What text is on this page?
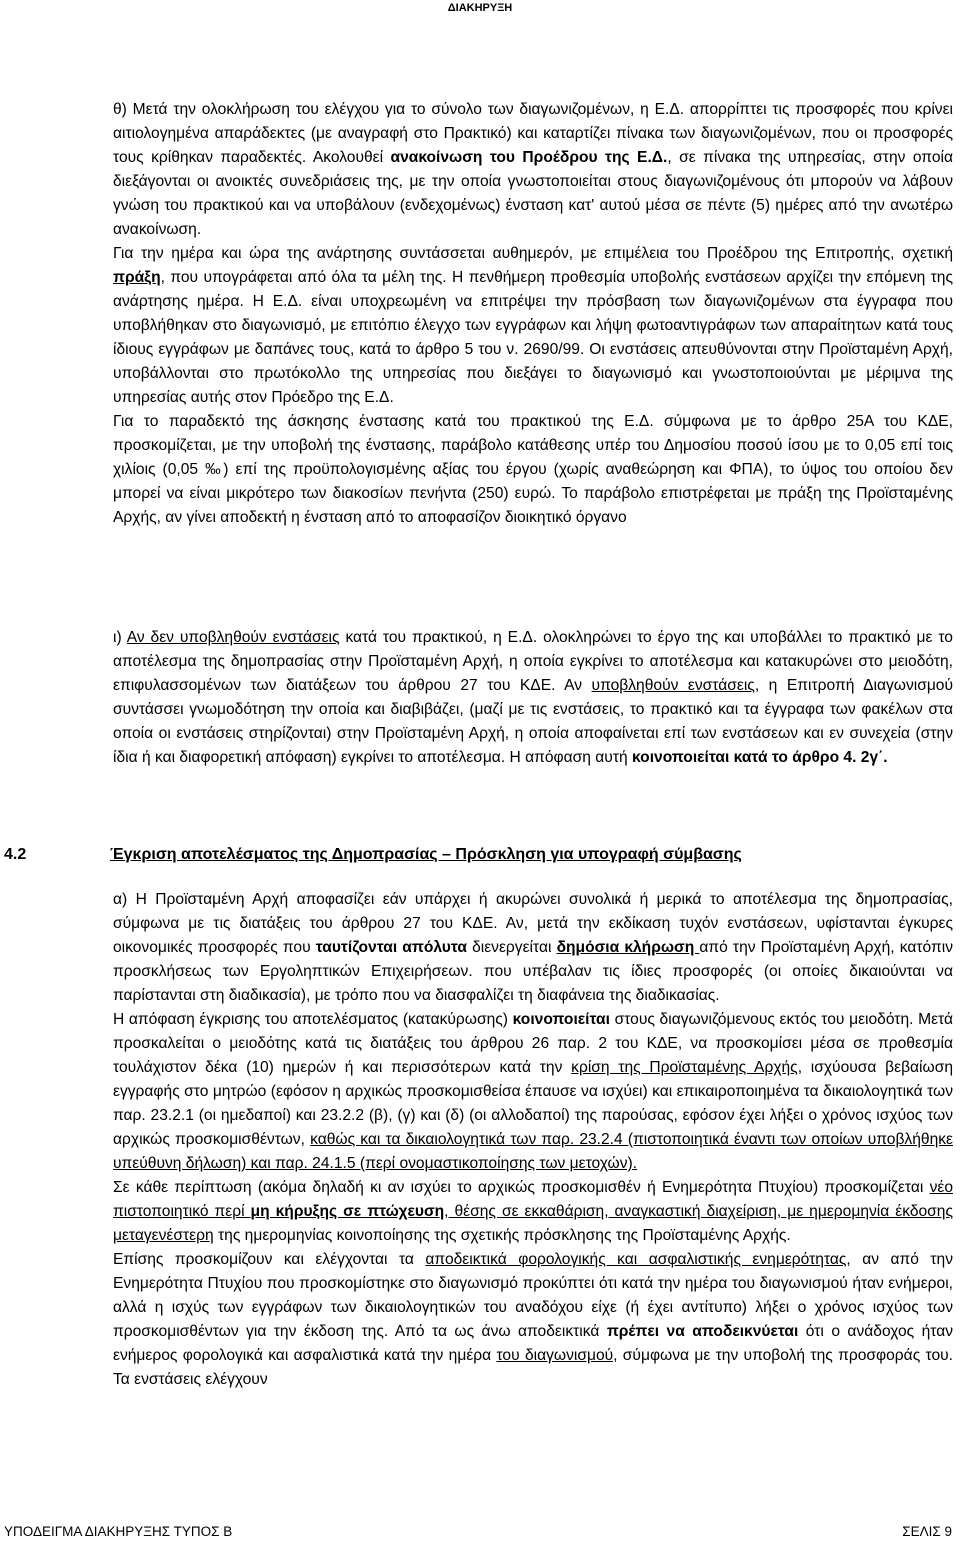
ΔΙΑΚΗΡΥΞΗ

θ) Μετά την ολοκλήρωση του ελέγχου για το σύνολο των διαγωνιζομένων, η Ε.Δ. απορρίπτει τις προσφορές που κρίνει αιτιολογημένα απαράδεκτες (με αναγραφή στο Πρακτικό) και καταρτίζει πίνακα των διαγωνιζομένων, που οι προσφορές τους κρίθηκαν παραδεκτές. Ακολουθεί ανακοίνωση του Προέδρου της Ε.Δ., σε πίνακα της υπηρεσίας, στην οποία διεξάγονται οι ανοικτές συνεδριάσεις της, με την οποία γνωστοποιείται στους διαγωνιζομένους ότι μπορούν να λάβουν γνώση του πρακτικού και να υποβάλουν (ενδεχομένως) ένσταση κατ' αυτού μέσα σε πέντε (5) ημέρες από την ανωτέρω ανακοίνωση.

Για την ημέρα και ώρα της ανάρτησης συντάσσεται αυθημερόν, με επιμέλεια του Προέδρου της Επιτροπής, σχετική πράξη, που υπογράφεται από όλα τα μέλη της. Η πενθήμερη προθεσμία υποβολής ενστάσεων αρχίζει την επόμενη της ανάρτησης ημέρα. Η Ε.Δ. είναι υποχρεωμένη να επιτρέψει την πρόσβαση των διαγωνιζομένων στα έγγραφα που υποβλήθηκαν στο διαγωνισμό, με επιτόπιο έλεγχο των εγγράφων και λήψη φωτοαντιγράφων των απαραίτητων κατά τους ίδιους εγγράφων με δαπάνες τους, κατά το άρθρο 5 του ν. 2690/99. Οι ενστάσεις απευθύνονται στην Προϊσταμένη Αρχή, υποβάλλονται στο πρωτόκολλο της υπηρεσίας που διεξάγει το διαγωνισμό και γνωστοποιούνται με μέριμνα της υπηρεσίας αυτής στον Πρόεδρο της Ε.Δ.

Για το παραδεκτό της άσκησης ένστασης κατά του πρακτικού της Ε.Δ. σύμφωνα με το άρθρο 25Α του ΚΔΕ, προσκομίζεται, με την υποβολή της ένστασης, παράβολο κατάθεσης υπέρ του Δημοσίου ποσού ίσου με το 0,05 επί τοις χιλίοις (0,05 ‰) επί της προϋπολογισμένης αξίας του έργου (χωρίς αναθεώρηση και ΦΠΑ), το ύψος του οποίου δεν μπορεί να είναι μικρότερο των διακοσίων πενήντα (250) ευρώ. Το παράβολο επιστρέφεται με πράξη της Προϊσταμένης Αρχής, αν γίνει αποδεκτή η ένσταση από το αποφασίζον διοικητικό όργανο

ι) Αν δεν υποβληθούν ενστάσεις κατά του πρακτικού, η Ε.Δ. ολοκληρώνει το έργο της και υποβάλλει το πρακτικό με το αποτέλεσμα της δημοπρασίας στην Προϊσταμένη Αρχή, η οποία εγκρίνει το αποτέλεσμα και κατακυρώνει στο μειοδότη, επιφυλασσομένων των διατάξεων του άρθρου 27 του ΚΔΕ. Αν υποβληθούν ενστάσεις, η Επιτροπή Διαγωνισμού συντάσσει γνωμοδότηση την οποία και διαβιβάζει, (μαζί με τις ενστάσεις, το πρακτικό και τα έγγραφα των φακέλων στα οποία οι ενστάσεις στηρίζονται) στην Προϊσταμένη Αρχή, η οποία αποφαίνεται επί των ενστάσεων και εν συνεχεία (στην ίδια ή και διαφορετική απόφαση) εγκρίνει το αποτέλεσμα. Η απόφαση αυτή κοινοποιείται κατά το άρθρο 4. 2γ΄.

4.2	Έγκριση αποτελέσματος της Δημοπρασίας – Πρόσκληση για υπογραφή σύμβασης

α) Η Προϊσταμένη Αρχή αποφασίζει εάν υπάρχει ή ακυρώνει συνολικά ή μερικά το αποτέλεσμα της δημοπρασίας, σύμφωνα με τις διατάξεις του άρθρου 27 του ΚΔΕ. Αν, μετά την εκδίκαση τυχόν ενστάσεων, υφίστανται έγκυρες οικονομικές προσφορές που ταυτίζονται απόλυτα διενεργείται δημόσια κλήρωση από την Προϊσταμένη Αρχή, κατόπιν προσκλήσεως των Εργοληπτικών Επιχειρήσεων. που υπέβαλαν τις ίδιες προσφορές (οι οποίες δικαιούνται να παρίστανται στη διαδικασία), με τρόπο που να διασφαλίζει τη διαφάνεια της διαδικασίας.

Η απόφαση έγκρισης του αποτελέσματος (κατακύρωσης) κοινοποιείται στους διαγωνιζόμενους εκτός του μειοδότη. Μετά προσκαλείται ο μειοδότης κατά τις διατάξεις του άρθρου 26 παρ. 2 του ΚΔΕ, να προσκομίσει μέσα σε προθεσμία τουλάχιστον δέκα (10) ημερών ή και περισσότερων κατά την κρίση της Προϊσταμένης Αρχής, ισχύουσα βεβαίωση εγγραφής στο μητρώο (εφόσον η αρχικώς προσκομισθείσα έπαυσε να ισχύει) και επικαιροποιημένα τα δικαιολογητικά των παρ. 23.2.1 (οι ημεδαποί) και 23.2.2 (β), (γ) και (δ) (οι αλλοδαποί) της παρούσας, εφόσον έχει λήξει ο χρόνος ισχύος των αρχικώς προσκομισθέντων, καθώς και τα δικαιολογητικά των παρ. 23.2.4 (πιστοποιητικά έναντι των οποίων υποβλήθηκε υπεύθυνη δήλωση) και παρ. 24.1.5 (περί ονομαστικοποίησης των μετοχών).

Σε κάθε περίπτωση (ακόμα δηλαδή κι αν ισχύει το αρχικώς προσκομισθέν ή Ενημερότητα Πτυχίου) προσκομίζεται νέο πιστοποιητικό περί μη κήρυξης σε πτώχευση, θέσης σε εκκαθάριση, αναγκαστική διαχείριση, με ημερομηνία έκδοσης μεταγενέστερη της ημερομηνίας κοινοποίησης της σχετικής πρόσκλησης της Προϊσταμένης Αρχής.

Επίσης προσκομίζουν και ελέγχονται τα αποδεικτικά φορολογικής και ασφαλιστικής ενημερότητας, αν από την Ενημερότητα Πτυχίου που προσκομίστηκε στο διαγωνισμό προκύπτει ότι κατά την ημέρα του διαγωνισμού ήταν ενήμεροι, αλλά η ισχύς των εγγράφων των δικαιολογητικών του αναδόχου είχε (ή έχει αντίτυπο) λήξει ο χρόνος ισχύος των προσκομισθέντων για την έκδοση της. Από τα ως άνω αποδεικτικά πρέπει να αποδεικνύεται ότι ο ανάδοχος ήταν ενήμερος φορολογικά και ασφαλιστικά κατά την ημέρα του διαγωνισμού, σύμφωνα με την υποβολή της προσφοράς του. Τα ενστάσεις ελέγχουν

ΥΠΟΔΕΙΓΜΑ ΔΙΑΚΗΡΥΞΗΣ ΤΥΠΟΣ Β	ΣΕΛΙΣ 9
